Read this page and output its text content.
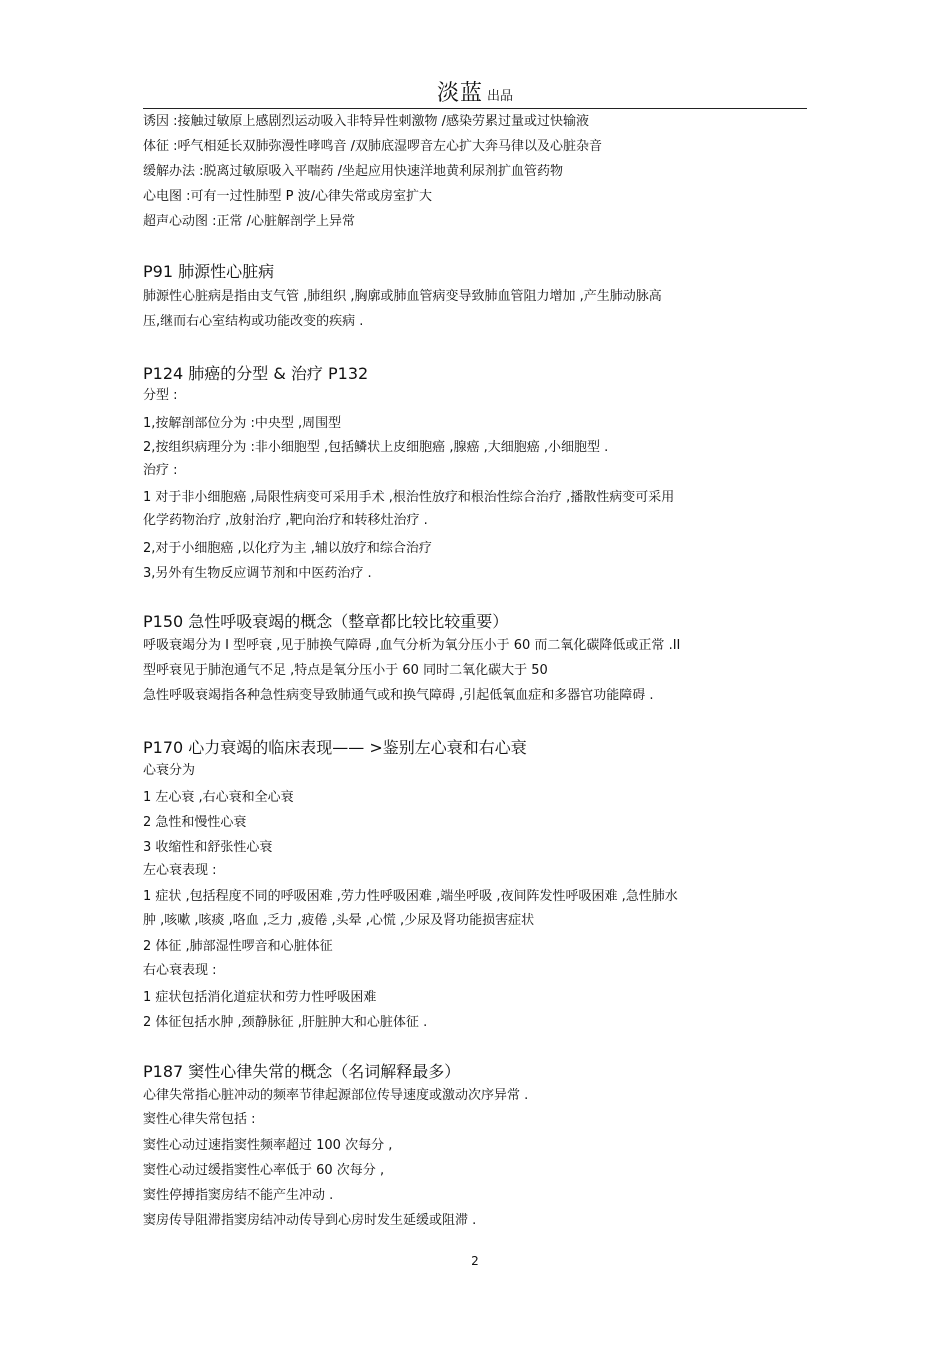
淡蓝 出品
诱因 :接触过敏原上感剧烈运动吸入非特异性刺激物 /感染劳累过量或过快输液
体征 :呼气相延长双肺弥漫性哮鸣音 /双肺底湿啰音左心扩大奔马律以及心脏杂音
缓解办法 :脱离过敏原吸入平喘药 /坐起应用快速洋地黄利尿剂扩血管药物
心电图 :可有一过性肺型 P 波/心律失常或房室扩大
超声心动图 :正常 /心脏解剖学上异常
P91 肺源性心脏病
肺源性心脏病是指由支气管 ,肺组织 ,胸廓或肺血管病变导致肺血管阻力增加 ,产生肺动脉高
压,继而右心室结构或功能改变的疾病 .
P124 肺癌的分型 & 治疗 P132
分型 :
1,按解剖部位分为 :中央型 ,周围型
2,按组织病理分为 :非小细胞型 ,包括鳞状上皮细胞癌 ,腺癌 ,大细胞癌 ,小细胞型 .
治疗 :
1 对于非小细胞癌 ,局限性病变可采用手术 ,根治性放疗和根治性综合治疗 ,播散性病变可采用
化学药物治疗 ,放射治疗 ,靶向治疗和转移灶治疗 .
2,对于小细胞癌 ,以化疗为主 ,辅以放疗和综合治疗
3,另外有生物反应调节剂和中医药治疗 .
P150 急性呼吸衰竭的概念（整章都比较比较重要）
呼吸衰竭分为 I 型呼衰 ,见于肺换气障碍 ,血气分析为氧分压小于 60 而二氧化碳降低或正常 .II
型呼衰见于肺泡通气不足 ,特点是氧分压小于 60 同时二氧化碳大于 50
急性呼吸衰竭指各种急性病变导致肺通气或和换气障碍 ,引起低氧血症和多器官功能障碍 .
P170 心力衰竭的临床表现—— >鉴别左心衰和右心衰
心衰分为
1 左心衰 ,右心衰和全心衰
2 急性和慢性心衰
3 收缩性和舒张性心衰
左心衰表现 :
1 症状 ,包括程度不同的呼吸困难 ,劳力性呼吸困难 ,端坐呼吸 ,夜间阵发性呼吸困难 ,急性肺水
肿 ,咳嗽 ,咳痰 ,咯血 ,乏力 ,疲倦 ,头晕 ,心慌 ,少尿及肾功能损害症状
2 体征 ,肺部湿性啰音和心脏体征
右心衰表现 :
1 症状包括消化道症状和劳力性呼吸困难
2 体征包括水肿 ,颈静脉征 ,肝脏肿大和心脏体征 .
P187 窦性心律失常的概念（名词解释最多）
心律失常指心脏冲动的频率节律起源部位传导速度或激动次序异常 .
窦性心律失常包括 :
窦性心动过速指窦性频率超过 100 次每分 ,
窦性心动过缓指窦性心率低于 60 次每分 ,
窦性停搏指窦房结不能产生冲动 .
窦房传导阻滞指窦房结冲动传导到心房时发生延缓或阻滞 .
2
